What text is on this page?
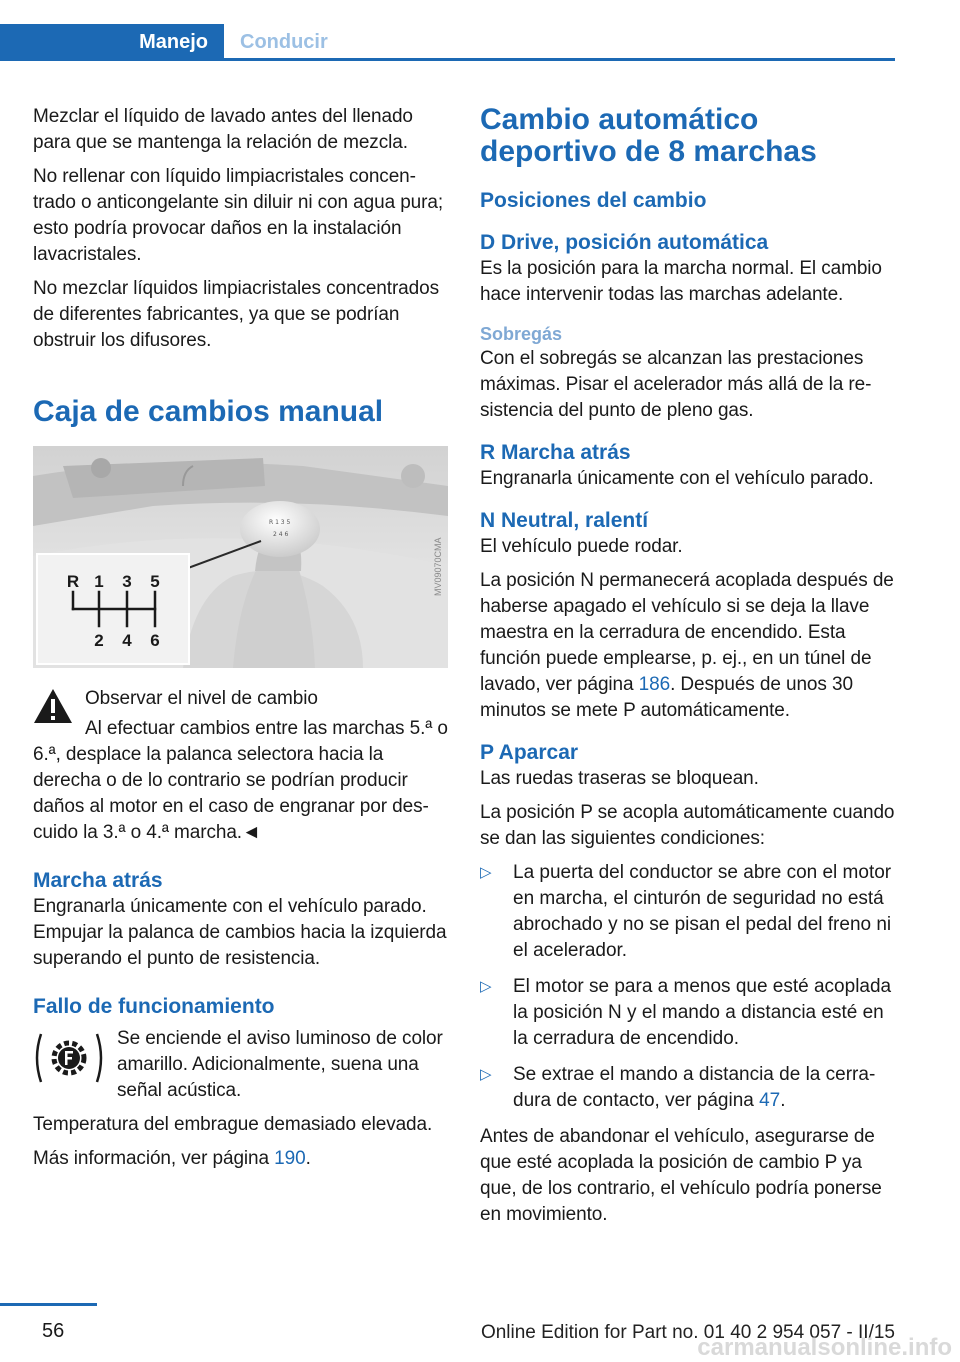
Manejo	Conducir

Mezclar el líquido de lavado antes del llenado para que se mantenga la relación de mezcla.

No rellenar con líquido limpiacristales concentrado o anticongelante sin diluir ni con agua pura; esto podría provocar daños en la instalación lavacristales.

No mezclar líquidos limpiacristales concentrados de diferentes fabricantes, ya que se podrían obstruir los difusores.

Caja de cambios manual
R 1 3 5
2 4 6
R 1 3 5
2 4 6
MV09070CMA

Observar el nivel de cambio

Al efectuar cambios entre las marchas 5.ª o 6.ª, desplace la palanca selectora hacia la derecha o de lo contrario se podrían producir daños al motor en el caso de engranar por descuido la 3.ª o 4.ª marcha.◄

Marcha atrás

Engranarla únicamente con el vehículo parado. Empujar la palanca de cambios hacia la izquierda superando el punto de resistencia.

Fallo de funcionamiento

Se enciende el aviso luminoso de color amarillo. Adicionalmente, suena una señal acústica.

Temperatura del embrague demasiado elevada.

Más información, ver página 190.

Cambio automático deportivo de 8 marchas
Posiciones del cambio
D Drive, posición automática

Es la posición para la marcha normal. El cambio hace intervenir todas las marchas adelante.

Sobregás

Con el sobregás se alcanzan las prestaciones máximas. Pisar el acelerador más allá de la resistencia del punto de pleno gas.

R Marcha atrás

Engranarla únicamente con el vehículo parado.

N Neutral, ralentí

El vehículo puede rodar.

La posición N permanecerá acoplada después de haberse apagado el vehículo si se deja la llave maestra en la cerradura de encendido. Esta función puede emplearse, p. ej., en un túnel de lavado, ver página 186. Después de unos 30 minutos se mete P automáticamente.

P Aparcar

Las ruedas traseras se bloquean.

La posición P se acopla automáticamente cuando se dan las siguientes condiciones:

▷ La puerta del conductor se abre con el motor en marcha, el cinturón de seguridad no está abrochado y no se pisan el pedal del freno ni el acelerador.
▷ El motor se para a menos que esté acoplada la posición N y el mando a distancia esté en la cerradura de encendido.
▷ Se extrae el mando a distancia de la cerradura de contacto, ver página 47.

Antes de abandonar el vehículo, asegurarse de que esté acoplada la posición de cambio P ya que, de los contrario, el vehículo podría ponerse en movimiento.

56	Online Edition for Part no. 01 40 2 954 057 - II/15
carmanualsonline.info
